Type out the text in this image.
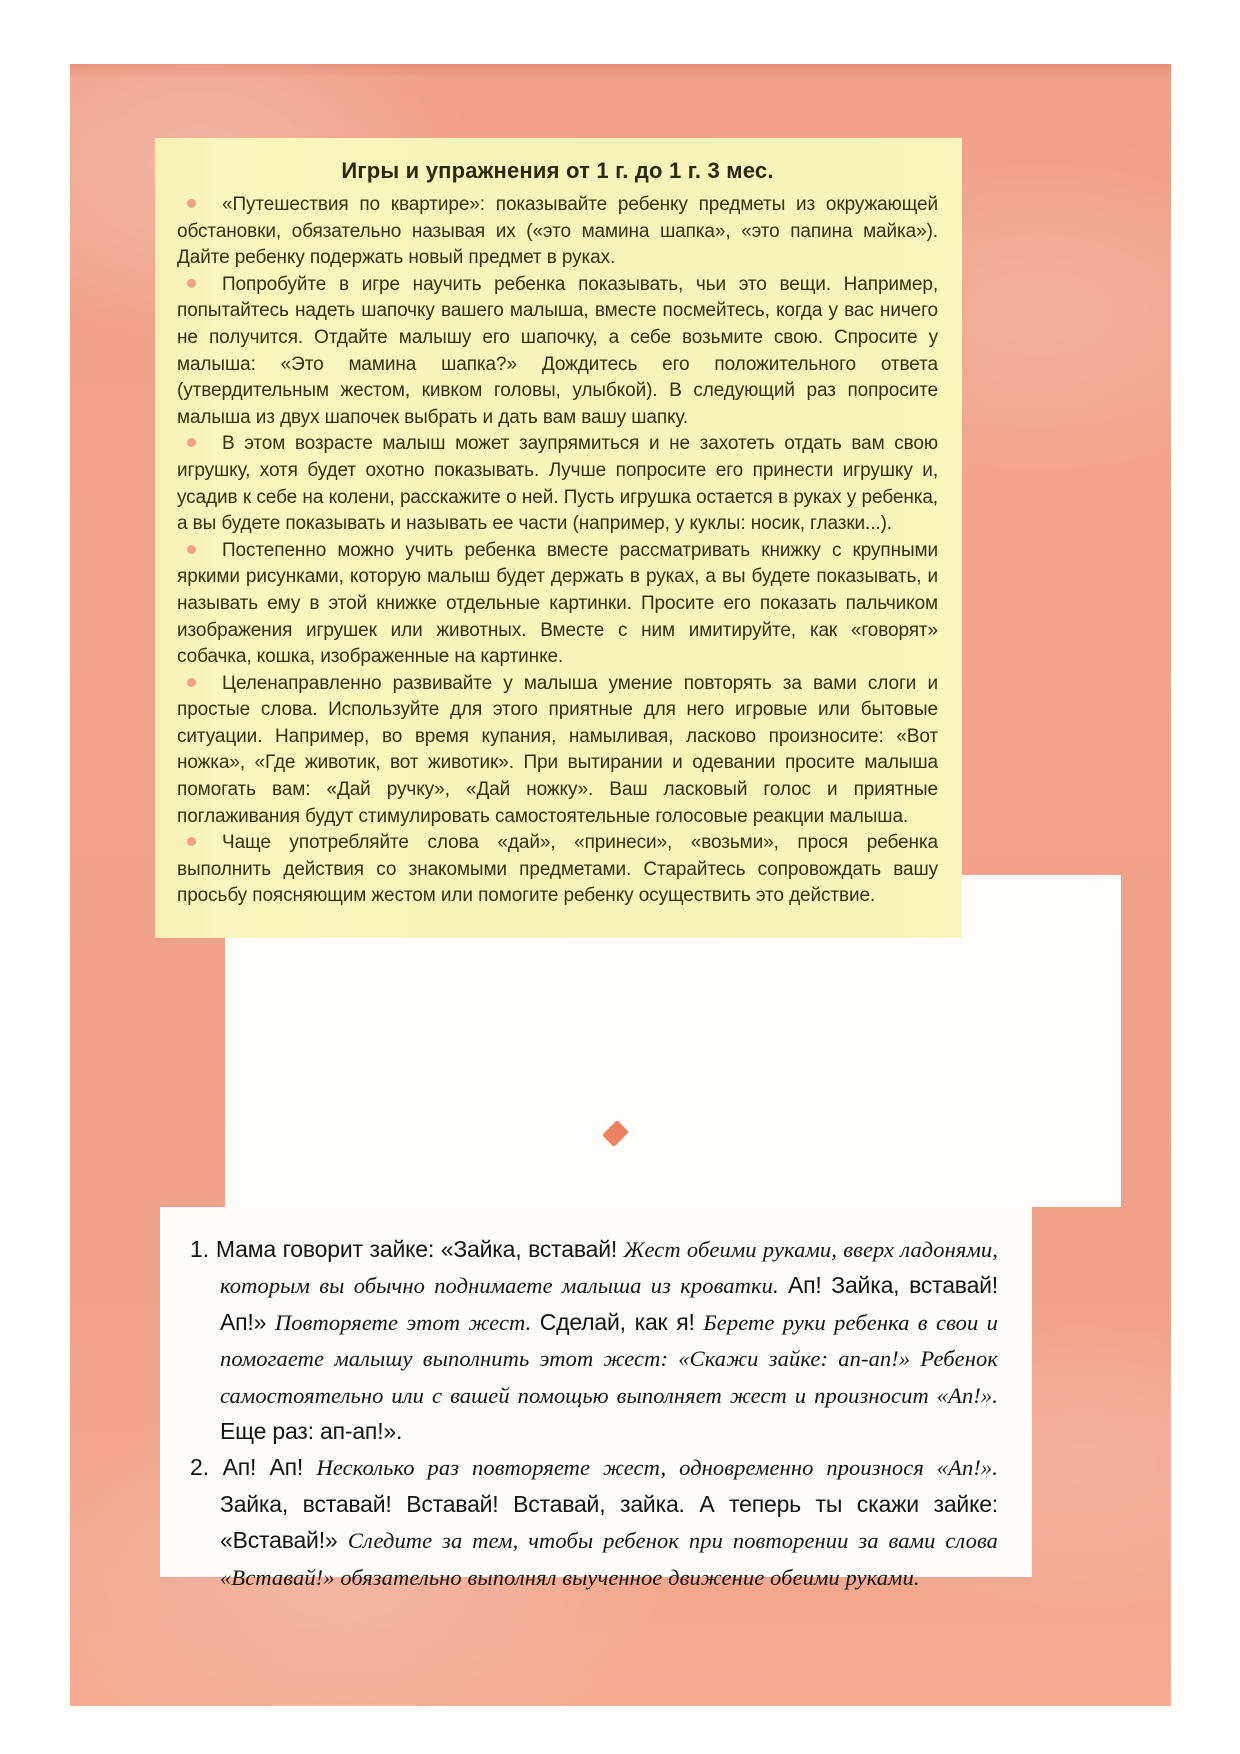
Игры и упражнения от 1 г. до 1 г. 3 мес.

«Путешествия по квартире»: показывайте ребенку предметы из окружающей обстановки, обязательно называя их («это мамина шапка», «это папина майка»). Дайте ребенку подержать новый предмет в руках.

Попробуйте в игре научить ребенка показывать, чьи это вещи. Например, попытайтесь надеть шапочку вашего малыша, вместе посмейтесь, когда у вас ничего не получится. Отдайте малышу его шапочку, а себе возьмите свою. Спросите у малыша: «Это мамина шапка?» Дождитесь его положительного ответа (утвердительным жестом, кивком головы, улыбкой). В следующий раз попросите малыша из двух шапочек выбрать и дать вам вашу шапку.

В этом возрасте малыш может заупрямиться и не захотеть отдать вам свою игрушку, хотя будет охотно показывать. Лучше попросите его принести игрушку и, усадив к себе на колени, расскажите о ней. Пусть игрушка остается в руках у ребенка, а вы будете показывать и называть ее части (например, у куклы: носик, глазки...).

Постепенно можно учить ребенка вместе рассматривать книжку с крупными яркими рисунками, которую малыш будет держать в руках, а вы будете показывать, и называть ему в этой книжке отдельные картинки. Просите его показать пальчиком изображения игрушек или животных. Вместе с ним имитируйте, как «говорят» собачка, кошка, изображенные на картинке.

Целенаправленно развивайте у малыша умение повторять за вами слоги и простые слова. Используйте для этого приятные для него игровые или бытовые ситуации. Например, во время купания, намыливая, ласково произносите: «Вот ножка», «Где животик, вот животик». При вытирании и одевании просите малыша помогать вам: «Дай ручку», «Дай ножку». Ваш ласковый голос и приятные поглаживания будут стимулировать самостоятельные голосовые реакции малыша.

Чаще употребляйте слова «дай», «принеси», «возьми», прося ребенка выполнить действия со знакомыми предметами. Старайтесь сопровождать вашу просьбу поясняющим жестом или помогите ребенку осуществить это действие.

1. Мама говорит зайке: «Зайка, вставай! Жест обеими руками, вверх ладонями, которым вы обычно поднимаете малыша из кроватки. Ап! Зайка, вставай! Ап!» Повторяете этот жест. Сделай, как я! Берете руки ребенка в свои и помогаете малышу выполнить этот жест: «Скажи зайке: ап-ап!» Ребенок самостоятельно или с вашей помощью выполняет жест и произносит «Ап!». Еще раз: ап-ап!».

2. Ап! Ап! Несколько раз повторяете жест, одновременно произнося «Ап!». Зайка, вставай! Вставай! Вставай, зайка. А теперь ты скажи зайке: «Вставай!» Следите за тем, чтобы ребенок при повторении за вами слова «Вставай!» обязательно выполнял выученное движение обеими руками.
